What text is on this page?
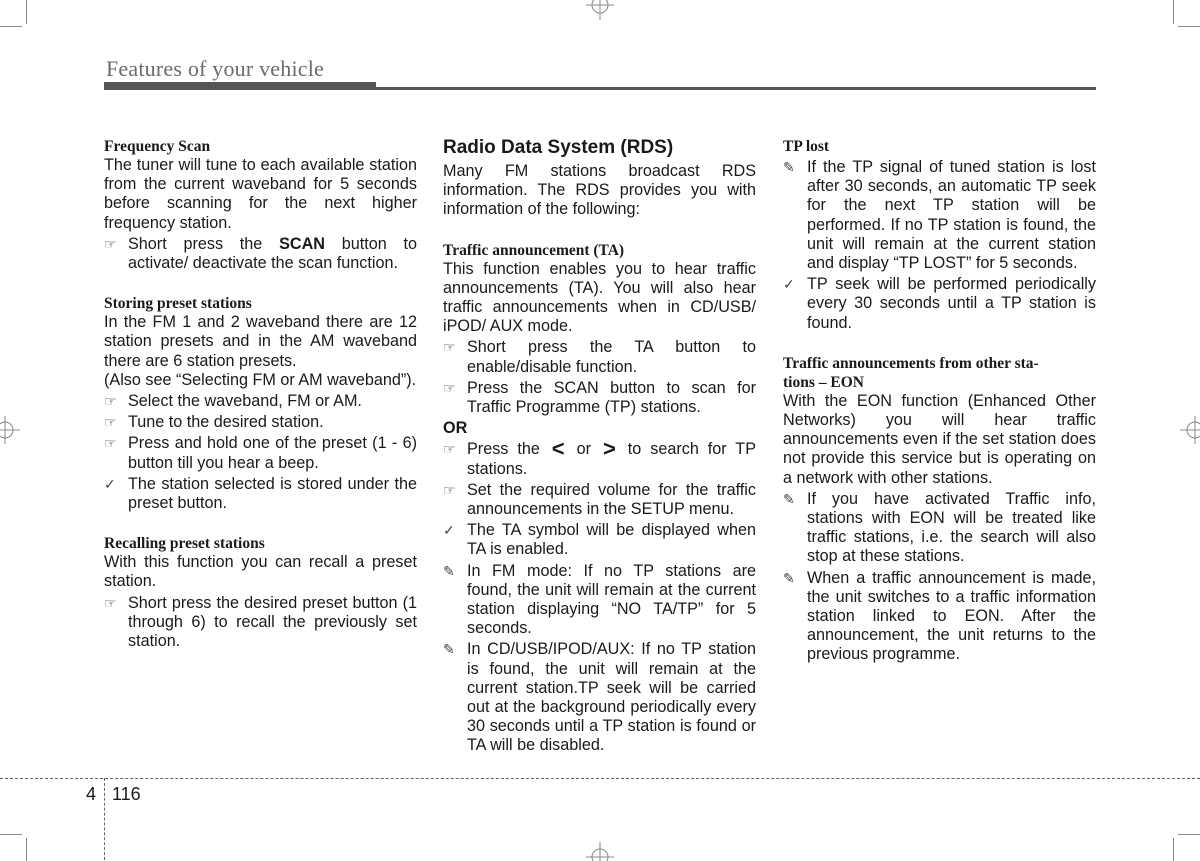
Features of your vehicle

Frequency Scan

The tuner will tune to each available station from the current waveband for 5 seconds before scanning for the next higher frequency station.

☞ Short press the SCAN button to activate/ deactivate the scan function.

Storing preset stations

In the FM 1 and 2 waveband there are 12 station presets and in the AM waveband there are 6 station presets.

(Also see “Selecting FM or AM waveband”).

☞ Select the waveband, FM or AM.
☞ Tune to the desired station.
☞ Press and hold one of the preset (1 - 6) button till you hear a beep.
✓ The station selected is stored under the preset button.

Recalling preset stations

With this function you can recall a preset station.

☞ Short press the desired preset button (1 through 6) to recall the previously set station.

Radio Data System (RDS)

Many FM stations broadcast RDS information. The RDS provides you with information of the following:

Traffic announcement (TA)

This function enables you to hear traffic announcements (TA). You will also hear traffic announcements when in CD/USB/ iPOD/ AUX mode.

☞ Short press the TA button to enable/disable function.
☞ Press the SCAN button to scan for Traffic Programme (TP) stations.

OR

☞ Press the < or > to search for TP stations.
☞ Set the required volume for the traffic announcements in the SETUP menu.
✓ The TA symbol will be displayed when TA is enabled.
✎ In FM mode: If no TP stations are found, the unit will remain at the current station displaying “NO TA/TP” for 5 seconds.
✎ In CD/USB/IPOD/AUX: If no TP station is found, the unit will remain at the current station.TP seek will be carried out at the background periodically every 30 seconds until a TP station is found or TA will be disabled.

TP lost

✎ If the TP signal of tuned station is lost after 30 seconds, an automatic TP seek for the next TP station will be performed. If no TP station is found, the unit will remain at the current station and display “TP LOST” for 5 seconds.
✓ TP seek will be performed periodically every 30 seconds until a TP station is found.

Traffic announcements from other sta-

tions – EON

With the EON function (Enhanced Other Networks) you will hear traffic announcements even if the set station does not provide this service but is operating on a network with other stations.

✎ If you have activated Traffic info, stations with EON will be treated like traffic stations, i.e. the search will also stop at these stations.
✎ When a traffic announcement is made, the unit switches to a traffic information station linked to EON. After the announcement, the unit returns to the previous programme.
4 116
